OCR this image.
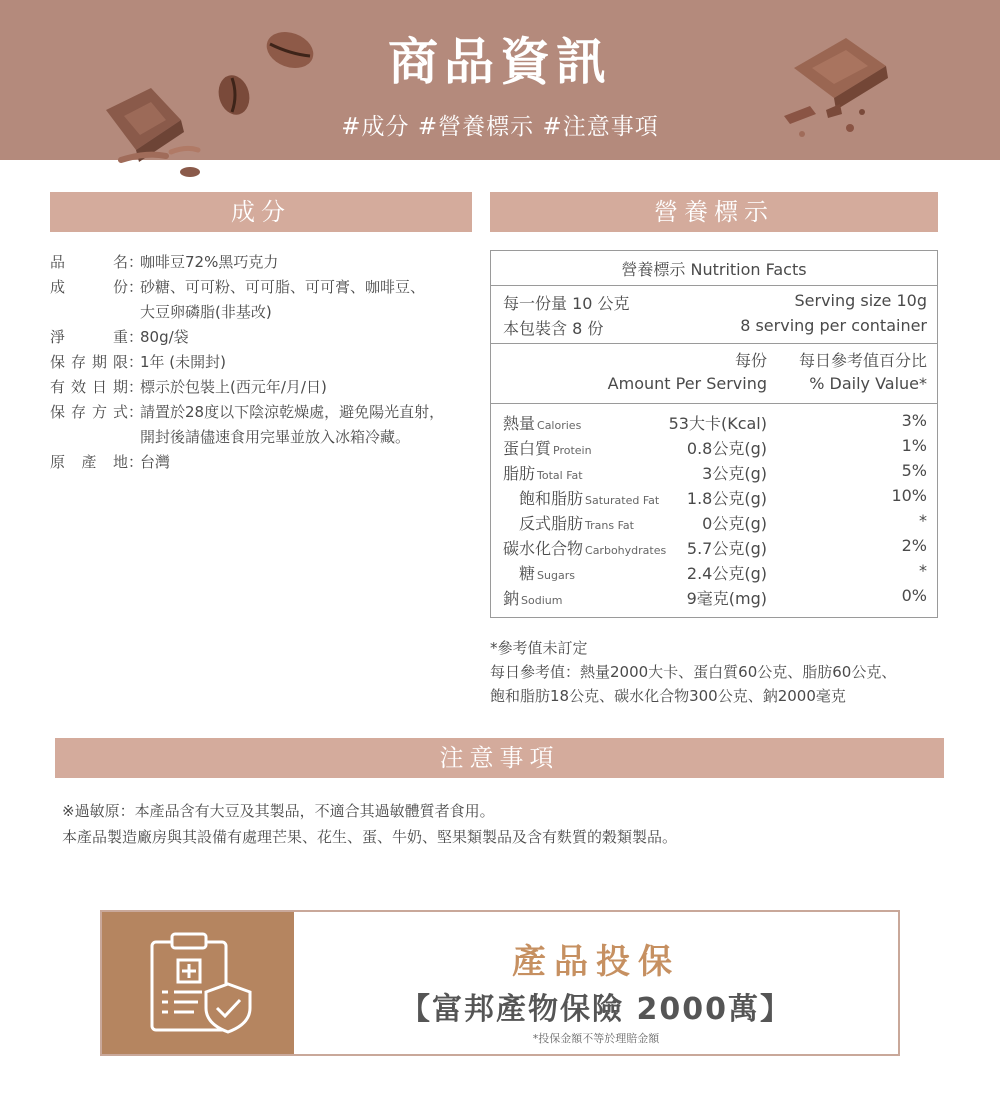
商品資訊
#成分 #營養標示 #注意事項
成分	營養標示
品名 ：
咖啡豆72%黑巧克力
成份 ：
砂糖、可可粉、可可脂、可可膏、咖啡豆、
大豆卵磷脂(非基改)
淨重 ：
80g/袋
保存期限 ：
1年 (未開封)
有效日期 ：
標示於包裝上(西元年/月/日)
保存方式 ：
請置於28度以下陰涼乾燥處，避免陽光直射，
開封後請儘速食用完畢並放入冰箱冷藏。
原產地 ：
台灣
營養標示 Nutrition Facts
每一份量 10 公克	Serving size 10g
本包裝含 8 份	8 serving per container
每份 每日參考值百分比
Amount Per Serving	% Daily Value*
熱量 Calories	53大卡(Kcal)	3%
蛋白質 Protein	0.8公克(g)	1%
脂肪 Total Fat	3公克(g)	5%
飽和脂肪 Saturated Fat 1.8公克(g)	10%
反式脂肪 Trans Fat	0公克(g)	*
碳水化合物 Carbohydrates 5.7公克(g)	2%
糖 Sugars	2.4公克(g)	*
鈉 Sodium	9毫克(mg)	0%
*參考值未訂定
每日參考值：熱量2000大卡、蛋白質60公克、脂肪60公克、
飽和脂肪18公克、碳水化合物300公克、鈉2000毫克
注意事項
※過敏原：本產品含有大豆及其製品，不適合其過敏體質者食用。
本產品製造廠房與其設備有處理芒果、花生、蛋、牛奶、堅果類製品及含有麩質的穀類製品。
產品投保
【富邦產物保險 2000萬】
*投保金額不等於理賠金額
